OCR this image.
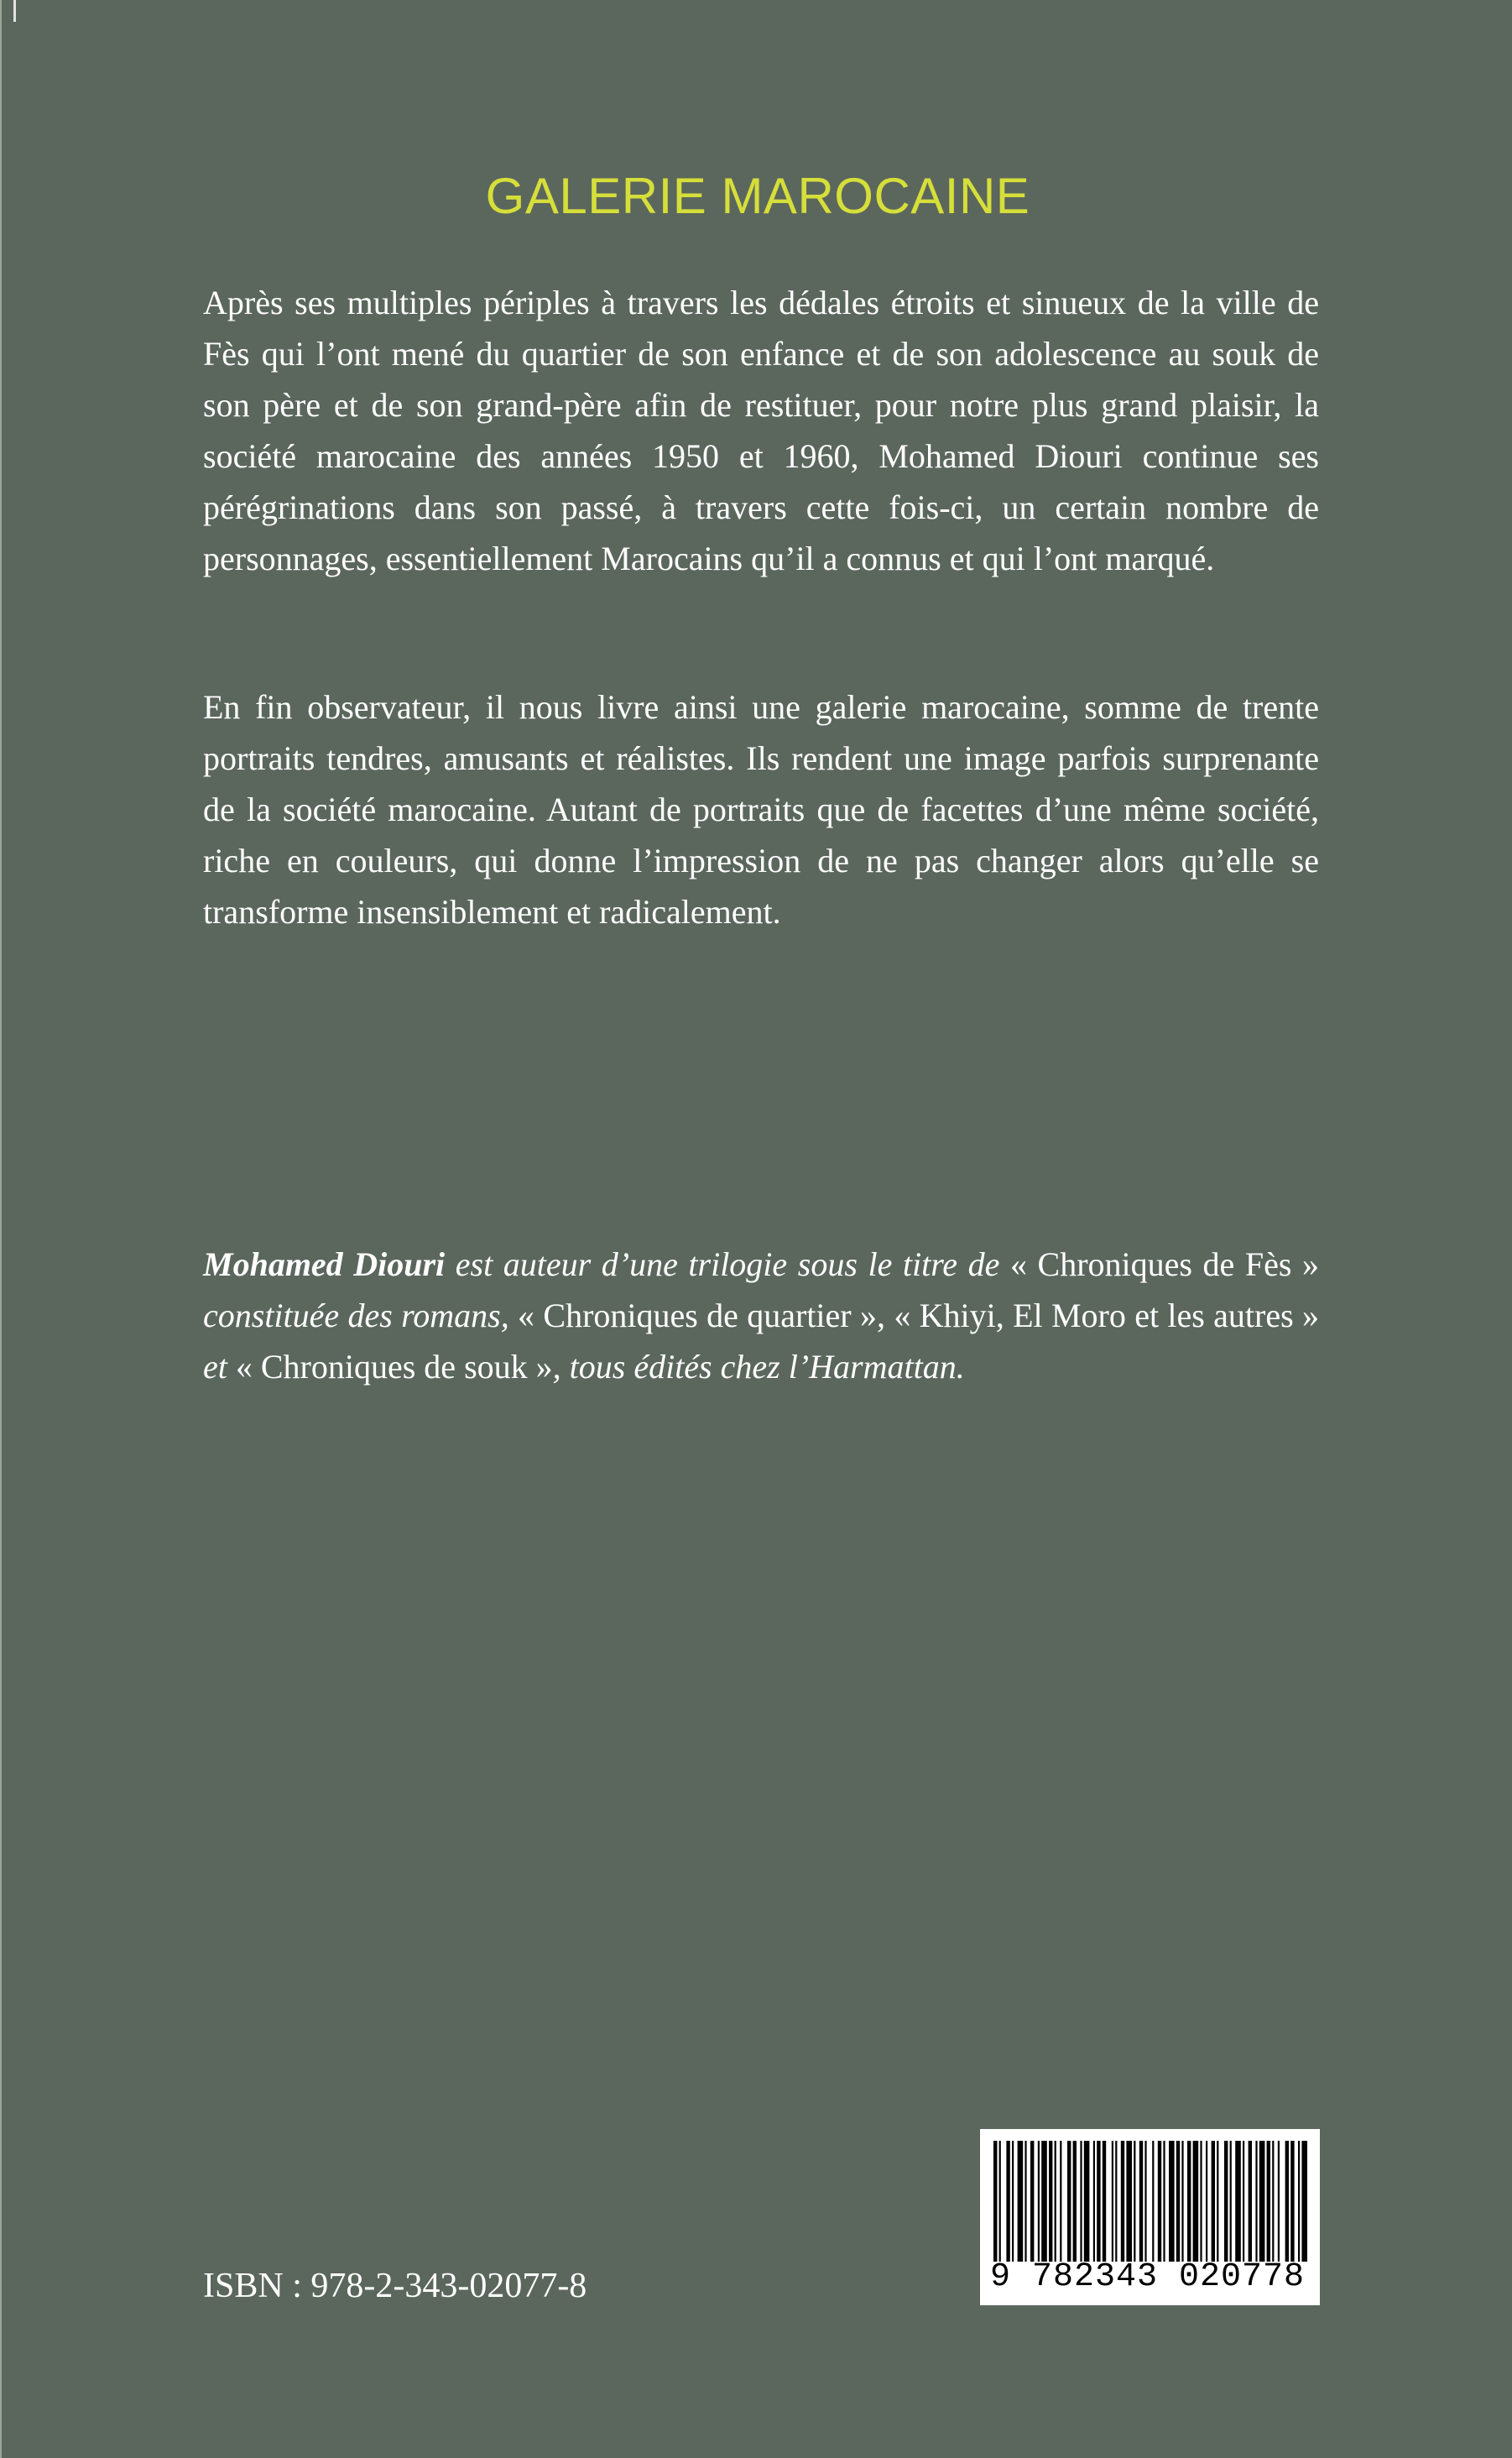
GALERIE MAROCAINE

Après ses multiples périples à travers les dédales étroits et sinueux de la ville de Fès qui l’ont mené du quartier de son enfance et de son adolescence au souk de son père et de son grand-père afin de restituer, pour notre plus grand plaisir, la société marocaine des années 1950 et 1960, Mohamed Diouri continue ses pérégrinations dans son passé, à travers cette fois-ci, un certain nombre de personnages, essentiellement Marocains qu’il a connus et qui l’ont marqué.

En fin observateur, il nous livre ainsi une galerie marocaine, somme de trente portraits tendres, amusants et réalistes. Ils rendent une image parfois surprenante de la société marocaine. Autant de portraits que de facettes d’une même société, riche en couleurs, qui donne l’impression de ne pas changer alors qu’elle se transforme insensiblement et radicalement.

Mohamed Diouri est auteur d’une trilogie sous le titre de « Chroniques de Fès » constituée des romans, « Chroniques de quartier », « Khiyi, El Moro et les autres » et « Chroniques de souk », tous édités chez l’Harmattan.

ISBN : 978-2-343-02077-8	9 782343 020778
